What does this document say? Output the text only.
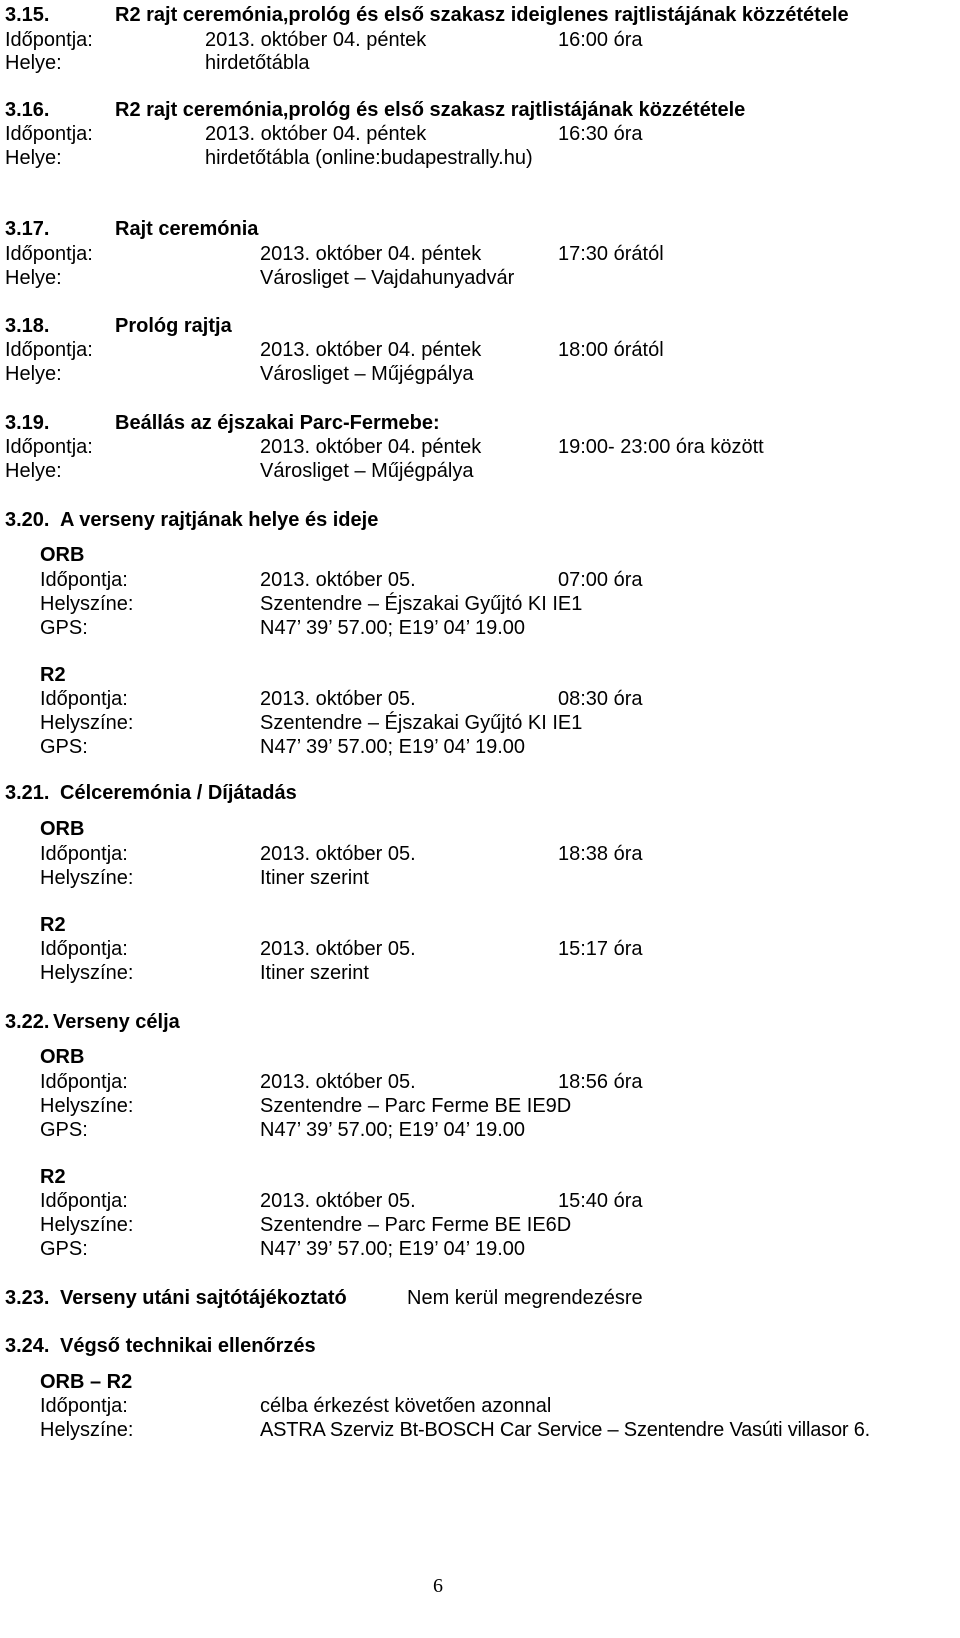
3.15.	R2 rajt ceremónia,prológ és első szakasz ideiglenes rajtlistájának közzététele
Időpontja:	2013. október 04. péntek	16:00 óra
Helye:	hirdetőtábla
3.16.	R2 rajt ceremónia,prológ és első szakasz rajtlistájának közzététele
Időpontja:	2013. október 04. péntek	16:30 óra
Helye:	hirdetőtábla (online:budapestrally.hu)
3.17.	Rajt ceremónia
Időpontja:	2013. október 04. péntek	17:30 órától
Helye:	Városliget – Vajdahunyadvár
3.18.	Prológ rajtja
Időpontja:	2013. október 04. péntek	18:00 órától
Helye:	Városliget – Műjégpálya
3.19.	Beállás az éjszakai Parc-Fermebe:
Időpontja:	2013. október 04. péntek	19:00- 23:00 óra között
Helye:	Városliget – Műjégpálya
3.20. A verseny rajtjának helye és ideje
ORB
Időpontja:	2013. október 05.	07:00 óra
Helyszíne:	Szentendre – Éjszakai Gyűjtó KI IE1
GPS:	N47’ 39’ 57.00; E19’ 04’ 19.00
R2
Időpontja:	2013. október 05.	08:30 óra
Helyszíne:	Szentendre – Éjszakai Gyűjtó KI IE1
GPS:	N47’ 39’ 57.00; E19’ 04’ 19.00
3.21. Célceremónia / Díjátadás
ORB
Időpontja:	2013. október 05.	18:38 óra
Helyszíne:	Itiner szerint
R2
Időpontja:	2013. október 05.	15:17 óra
Helyszíne:	Itiner szerint
3.22. Verseny célja
ORB
Időpontja:	2013. október 05.	18:56 óra
Helyszíne:	Szentendre – Parc Ferme BE IE9D
GPS:	N47’ 39’ 57.00; E19’ 04’ 19.00
R2
Időpontja:	2013. október 05.	15:40 óra
Helyszíne:	Szentendre – Parc Ferme BE IE6D
GPS:	N47’ 39’ 57.00; E19’ 04’ 19.00
3.23. Verseny utáni sajtótájékoztató	Nem kerül megrendezésre
3.24. Végső technikai ellenőrzés
ORB – R2
Időpontja:	célba érkezést követően azonnal
Helyszíne:	ASTRA Szerviz Bt-BOSCH Car Service – Szentendre Vasúti villasor 6.
6
